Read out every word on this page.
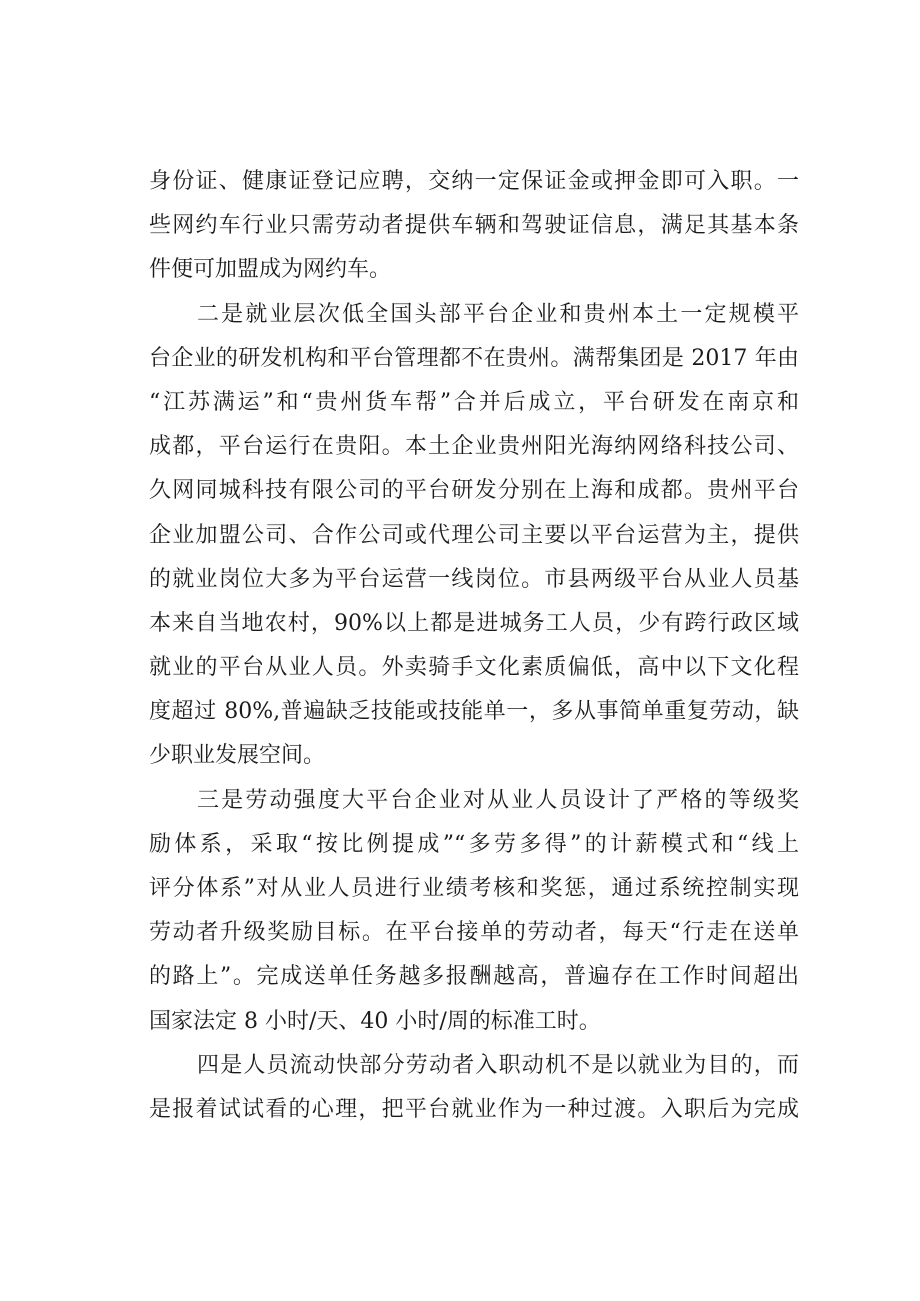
身份证、健康证登记应聘，交纳一定保证金或押金即可入职。一
些网约车行业只需劳动者提供车辆和驾驶证信息，满足其基本条
件便可加盟成为网约车。
二是就业层次低全国头部平台企业和贵州本土一定规模平
台企业的研发机构和平台管理都不在贵州。满帮集团是 2017 年由
“江苏满运”和“贵州货车帮”合并后成立，平台研发在南京和
成都，平台运行在贵阳。本土企业贵州阳光海纳网络科技公司、
久网同城科技有限公司的平台研发分别在上海和成都。贵州平台
企业加盟公司、合作公司或代理公司主要以平台运营为主，提供
的就业岗位大多为平台运营一线岗位。市县两级平台从业人员基
本来自当地农村，90%以上都是进城务工人员，少有跨行政区域
就业的平台从业人员。外卖骑手文化素质偏低，高中以下文化程
度超过 80%,普遍缺乏技能或技能单一，多从事简单重复劳动，缺
少职业发展空间。
三是劳动强度大平台企业对从业人员设计了严格的等级奖
励体系，采取“按比例提成”“多劳多得”的计薪模式和“线上
评分体系”对从业人员进行业绩考核和奖惩，通过系统控制实现
劳动者升级奖励目标。在平台接单的劳动者，每天“行走在送单
的路上”。完成送单任务越多报酬越高，普遍存在工作时间超出
国家法定 8 小时/天、40 小时/周的标准工时。
四是人员流动快部分劳动者入职动机不是以就业为目的，而
是报着试试看的心理，把平台就业作为一种过渡。入职后为完成
